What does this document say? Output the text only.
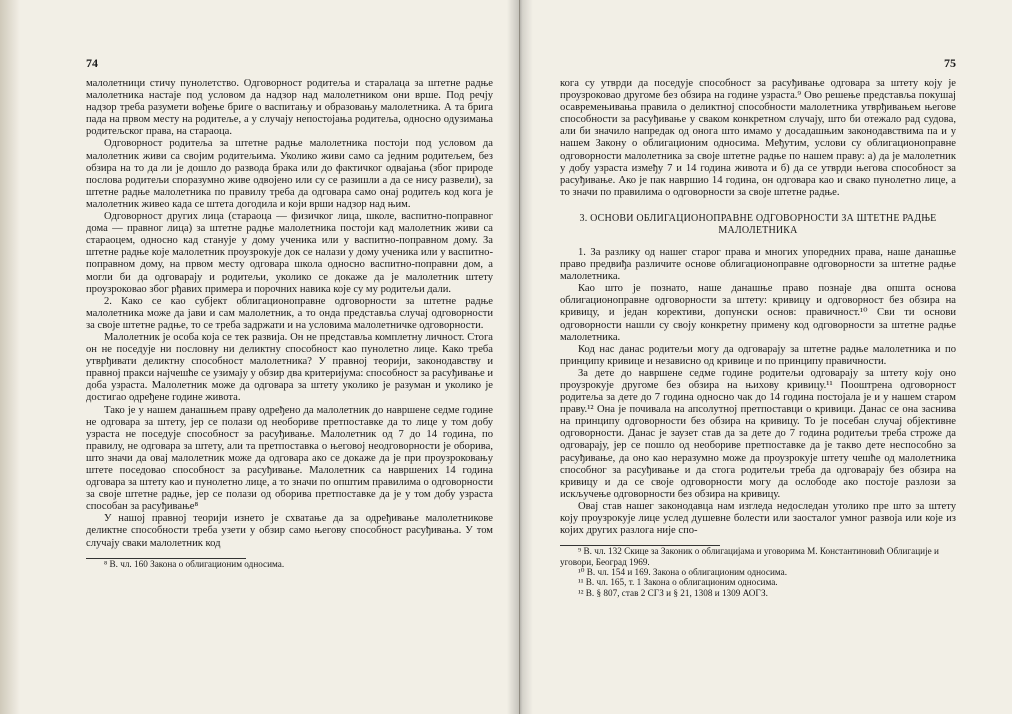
74

малолетници стичу пунолетство. Одговорност родитеља и старалаца за штетне радње малолетника настаје под условом да надзор над малолетником они врше. Под речју надзор треба разумети вођење бриге о васпитању и образовању малолетника. А та брига пада на првом месту на родитеље, а у случају непостојања родитеља, односно одузимања родитељског права, на стараоца.

Одговорност родитеља за штетне радње малолетника постоји под условом да малолетник живи са својим родитељима. Уколико живи само са једним родитељем, без обзира на то да ли је дошло до развода брака или до фактичког одвајања (због природе послова родитељи споразумно живе одвојено или су се разишли а да се нису развели), за штетне радње малолетника по правилу треба да одговара само онај родитељ код кога је малолетник живео када се штета догодила и који врши надзор над њим.

Одговорност других лица (стараоца — физичког лица, школе, васпитно-поправног дома — правног лица) за штетне радње малолетника постоји кад малолетник живи са стараоцем, односно кад станује у дому ученика или у васпитно-поправном дому. За штетне радње које малолетник проузрокује док се налази у дому ученика или у васпитно-поправном дому, на првом месту одговара школа односно васпитно-поправни дом, а могли би да одговарају и родитељи, уколико се докаже да је малолетник штету проузроковао због рђавих примера и порочних навика које су му родитељи дали.

2. Како се као субјект облигационоправне одговорности за штетне радње малолетника може да јави и сам малолетник, а то онда представља случај одговорности за своје штетне радње, то се треба задржати и на условима малолетничке одговорности.

Малолетник је особа која се тек развија. Он не представља комплетну личност. Стога он не поседује ни пословну ни деликтну способност као пунолетно лице. Како треба утврђивати деликтну способност малолетника? У правној теорији, законодавству и правној пракси најчешће се узимају у обзир два критеријума: способност за расуђивање и доба узраста. Малолетник може да одговара за штету уколико је разуман и уколико је достигао одређене године живота.

Тако је у нашем данашњем праву одређено да малолетник до навршене седме године не одговара за штету, јер се полази од необориве претпоставке да то лице у том добу узраста не поседује способност за расуђивање. Малолетник од 7 до 14 година, по правилу, не одговара за штету, али та претпоставка о његовој неодговорности је оборива, што значи да овај малолетник може да одговара ако се докаже да је при проузроковању штете поседовао способност за расуђивање. Малолетник са навршених 14 година одговара за штету као и пунолетно лице, а то значи по општим правилима о одговорности за своје штетне радње, јер се полази од оборива претпоставке да је у том добу узраста способан за расуђивање⁸

У нашој правној теорији изнето је схватање да за одређивање малолетникове деликтне способности треба узети у обзир само његову способност расуђивања. У том случају сваки малолетник код

⁸ В. чл. 160 Закона о облигационим односима.

75

кога су утврди да поседује способност за расуђивање одговара за штету коју је проузроковао другоме без обзира на године узраста.⁹ Ово решење представља покушај осавремењивања правила о деликтној способности малолетника утврђивањем његове способности за расуђивање у сваком конкретном случају, што би отежало рад судова, али би значило напредак од онога што имамо у досадашњим законодавствима па и у нашем Закону о облигационим односима. Међутим, услови су облигационоправне одговорности малолетника за своје штетне радње по нашем праву: а) да је малолетник у добу узраста између 7 и 14 година живота и б) да се утврди његова способност за расуђивање. Ако је пак навршио 14 година, он одговара као и свако пунолетно лице, а то значи по правилима о одговорности за своје штетне радње.

3. ОСНОВИ ОБЛИГАЦИОНОПРАВНЕ ОДГОВОРНОСТИ ЗА ШТЕТНЕ РАДЊЕ МАЛОЛЕТНИКА

1. За разлику од нашег старог права и многих упоредних права, наше данашње право предвиђа различите основе облигационоправне одговорности за штетне радње малолетника.

Као што је познато, наше данашње право познаје два општа основа облигационоправне одговорности за штету: кривицу и одговорност без обзира на кривицу, и један корективи, допунски основ: правичност.¹⁰ Сви ти основи одговорности нашли су своју конкретну примену код одговорности за штетне радње малолетника.

Код нас данас родитељи могу да одговарају за штетне радње малолетника и по принципу кривице и независно од кривице и по принципу правичности.

За дете до навршене седме године родитељи одговарају за штету коју оно проузрокује другоме без обзира на њихову кривицу.¹¹ Пооштрена одговорност родитеља за дете до 7 година односно чак до 14 година постојала је и у нашем старом праву.¹² Она је почивала на апсолутној претпоставци о кривици. Данас се она заснива на принципу одговорности без обзира на кривицу. То је посебан случај објективне одговорности. Данас је заузет став да за дете до 7 година родитељи треба строже да одговарају, јер се пошло од необориве претпоставке да је такво дете неспособно за расуђивање, да оно као неразумно може да проузрокује штету чешће од малолетника способног за расуђивање и да стога родитељи треба да одговарају без обзира на кривицу и да се своје одговорности могу да ослободе ако постоје разлози за искључење одговорности без обзира на кривицу.

Овај став нашег законодавца нам изгледа недоследан утолико пре што за штету коју проузрокује лице услед душевне болести или заосталог умног развоја или које из којих других разлога није спо-

⁹ В. чл. 132 Скице за Законик о облигацијама и уговорима М. Константиновић Облигације и уговори, Београд 1969.

¹⁰ В. чл. 154 и 169. Закона о облигационим односима.

¹¹ В. чл. 165, т. 1 Закона о облигационим односима.

¹² В. § 807, став 2 СГЗ и § 21, 1308 и 1309 АОГЗ.
